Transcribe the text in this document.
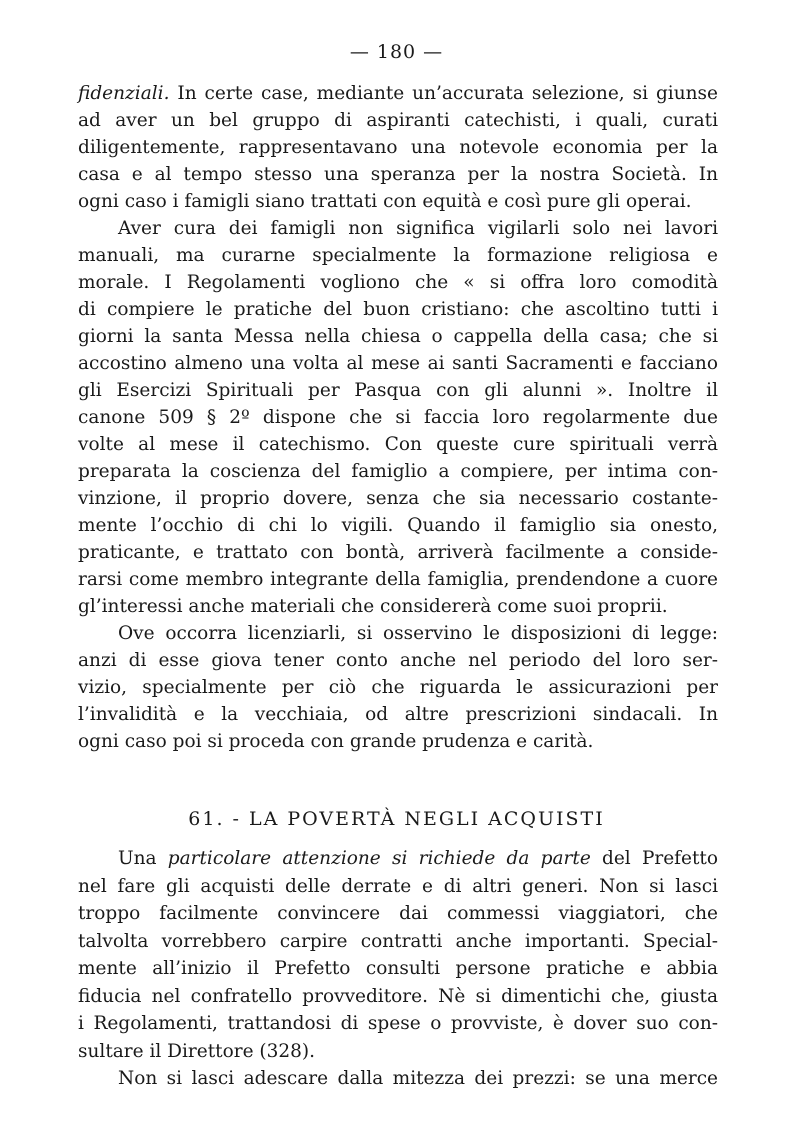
— 180 —
fidenziali. In certe case, mediante un’accurata selezione, si giunse
ad aver un bel gruppo di aspiranti catechisti, i quali, curati
diligentemente, rappresentavano una notevole economia per la
casa e al tempo stesso una speranza per la nostra Società. In
ogni caso i famigli siano trattati con equità e così pure gli operai.
Aver cura dei famigli non significa vigilarli solo nei lavori
manuali, ma curarne specialmente la formazione religiosa e
morale. I Regolamenti vogliono che « si offra loro comodità
di compiere le pratiche del buon cristiano: che ascoltino tutti i
giorni la santa Messa nella chiesa o cappella della casa; che si
accostino almeno una volta al mese ai santi Sacramenti e facciano
gli Esercizi Spirituali per Pasqua con gli alunni ». Inoltre il
canone 509 § 2º dispone che si faccia loro regolarmente due
volte al mese il catechismo. Con queste cure spirituali verrà
preparata la coscienza del famiglio a compiere, per intima con-
vinzione, il proprio dovere, senza che sia necessario costante-
mente l’occhio di chi lo vigili. Quando il famiglio sia onesto,
praticante, e trattato con bontà, arriverà facilmente a conside-
rarsi come membro integrante della famiglia, prendendone a cuore
gl’interessi anche materiali che considererà come suoi proprii.
Ove occorra licenziarli, si osservino le disposizioni di legge:
anzi di esse giova tener conto anche nel periodo del loro ser-
vizio, specialmente per ciò che riguarda le assicurazioni per
l’invalidità e la vecchiaia, od altre prescrizioni sindacali. In
ogni caso poi si proceda con grande prudenza e carità.
61. - LA POVERTÀ NEGLI ACQUISTI
Una particolare attenzione si richiede da parte del Prefetto
nel fare gli acquisti delle derrate e di altri generi. Non si lasci
troppo facilmente convincere dai commessi viaggiatori, che
talvolta vorrebbero carpire contratti anche importanti. Special-
mente all’inizio il Prefetto consulti persone pratiche e abbia
fiducia nel confratello provveditore. Nè si dimentichi che, giusta
i Regolamenti, trattandosi di spese o provviste, è dover suo con-
sultare il Direttore (328).
Non si lasci adescare dalla mitezza dei prezzi: se una merce
